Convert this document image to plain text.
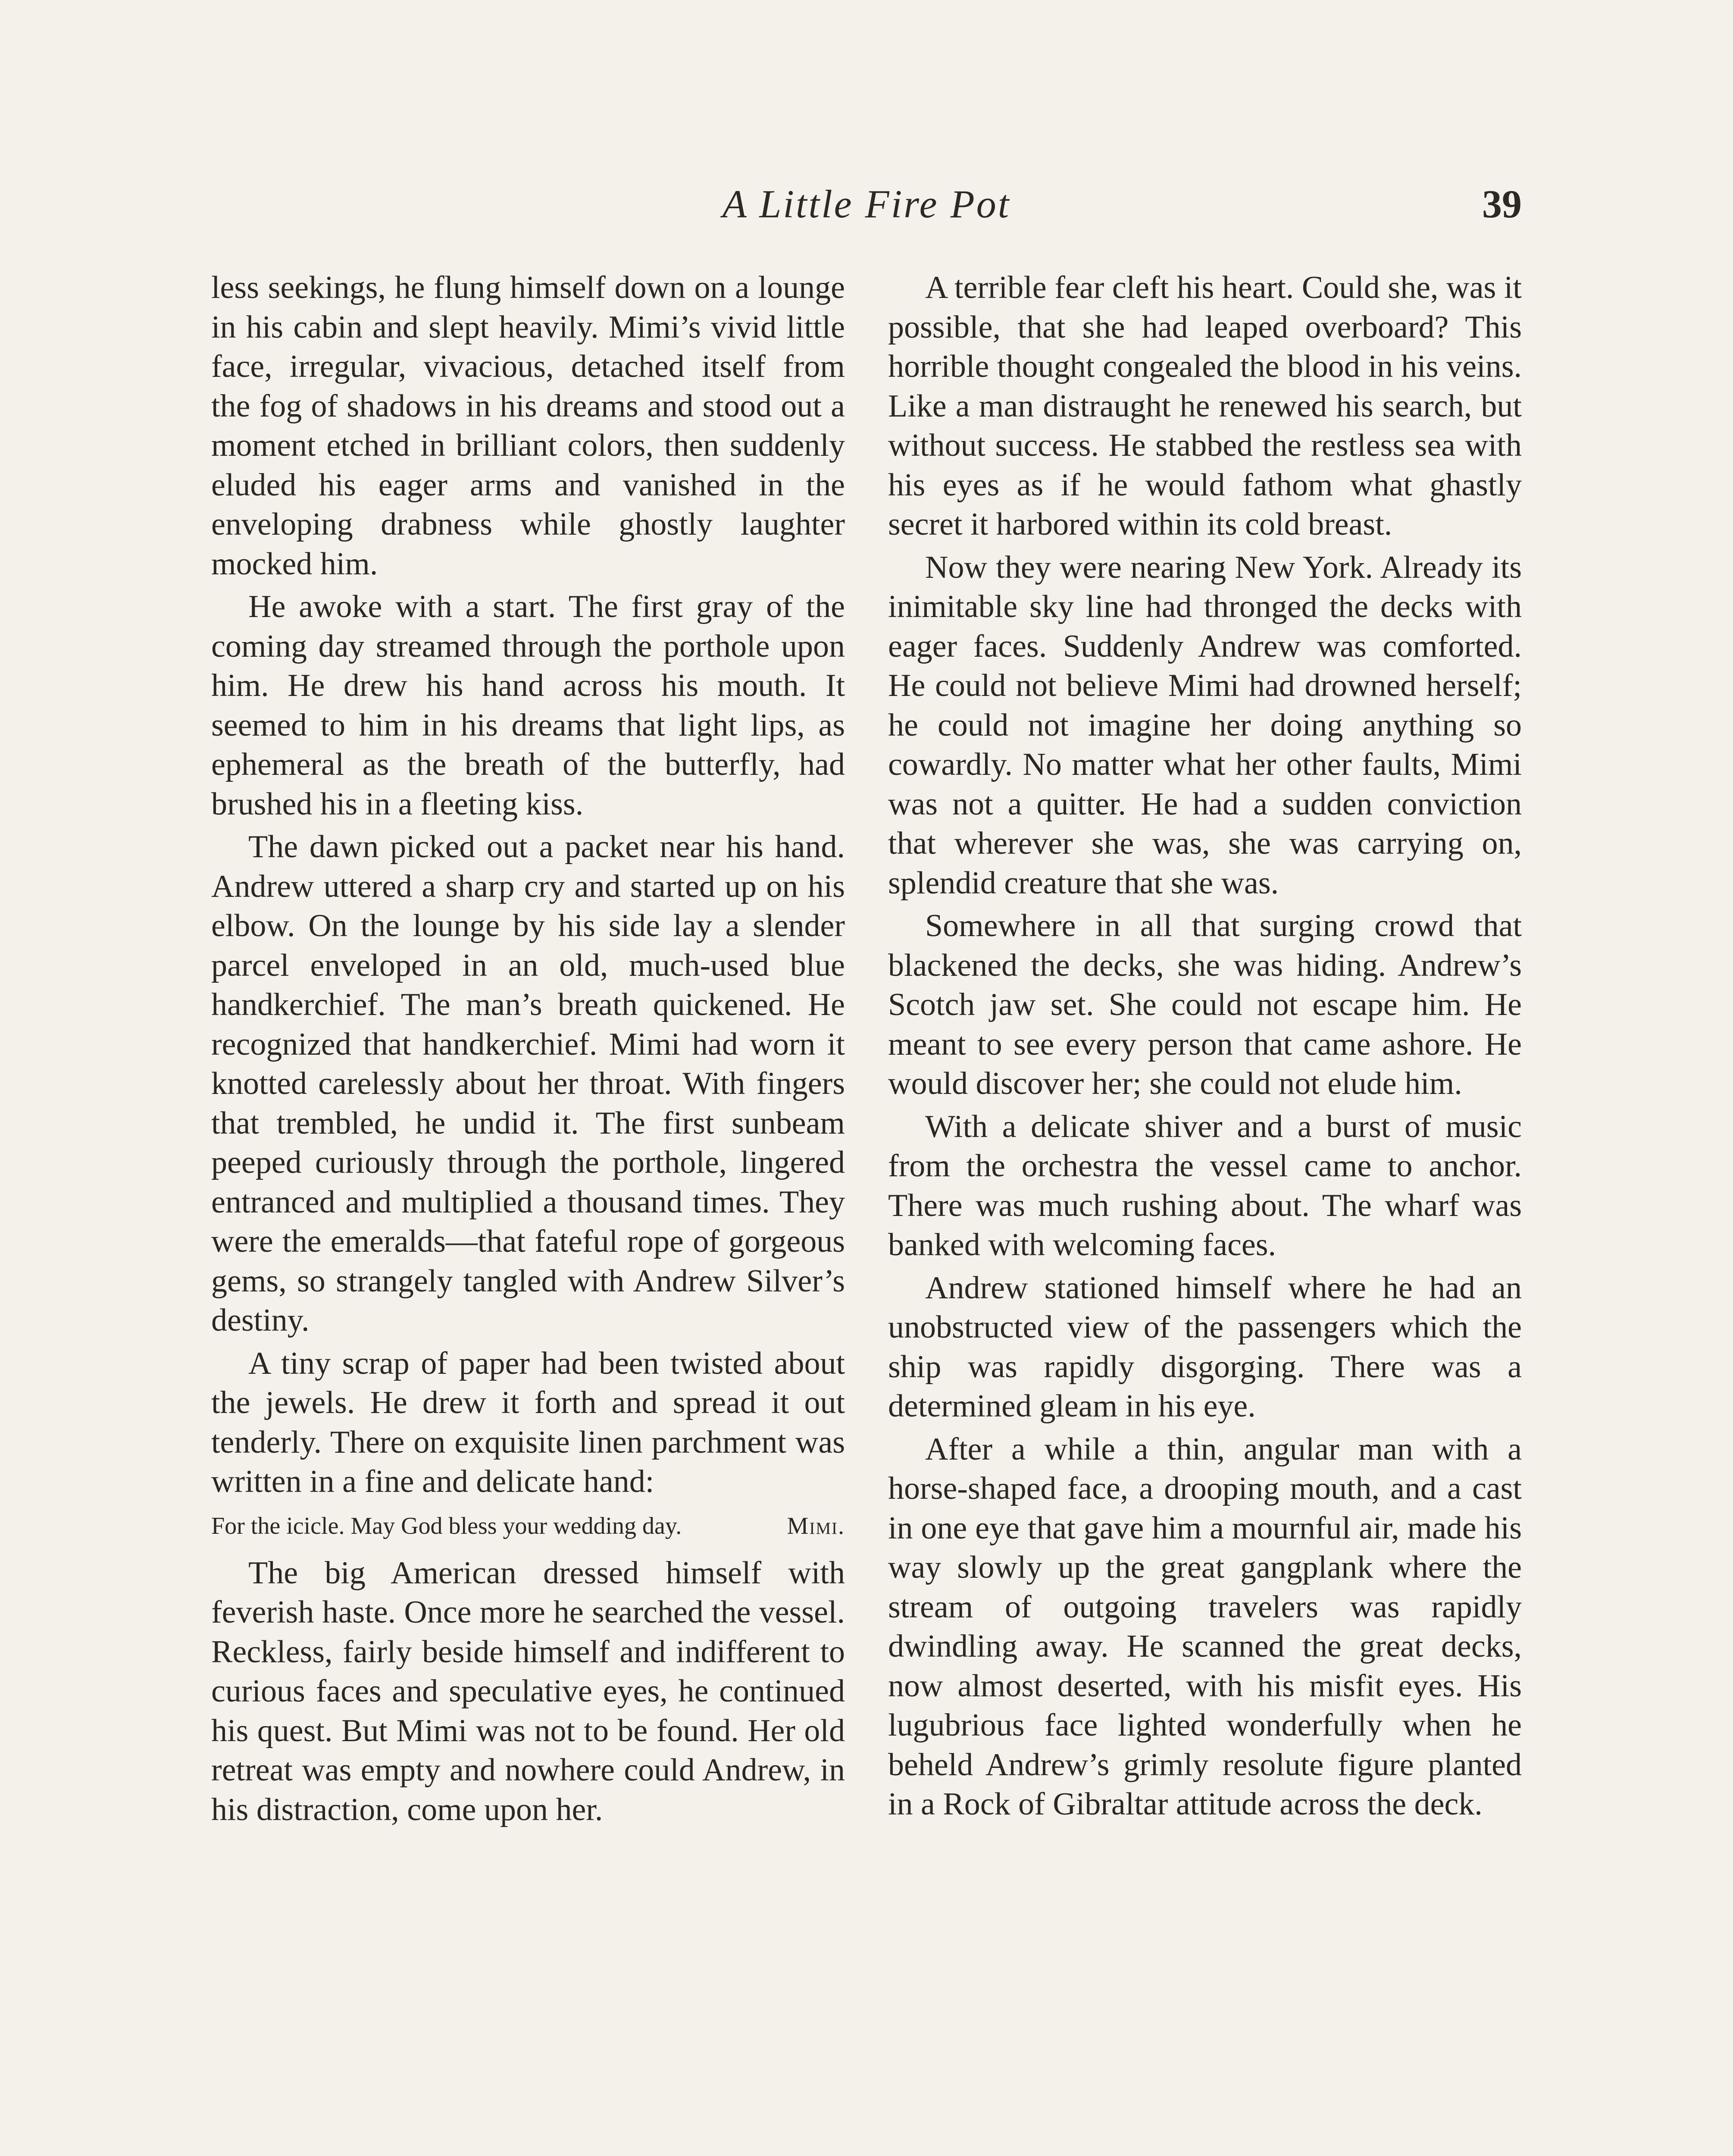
A Little Fire Pot	39

less seekings, he flung himself down on a lounge in his cabin and slept heavily. Mimi’s vivid little face, irregular, vivacious, detached itself from the fog of shadows in his dreams and stood out a moment etched in brilliant colors, then suddenly eluded his eager arms and vanished in the enveloping drabness while ghostly laughter mocked him.

He awoke with a start. The first gray of the coming day streamed through the porthole upon him. He drew his hand across his mouth. It seemed to him in his dreams that light lips, as ephemeral as the breath of the butterfly, had brushed his in a fleeting kiss.

The dawn picked out a packet near his hand. Andrew uttered a sharp cry and started up on his elbow. On the lounge by his side lay a slender parcel enveloped in an old, much-used blue handkerchief. The man’s breath quickened. He recognized that handkerchief. Mimi had worn it knotted carelessly about her throat. With fingers that trembled, he undid it. The first sunbeam peeped curiously through the porthole, lingered entranced and multiplied a thousand times. They were the emeralds—that fateful rope of gorgeous gems, so strangely tangled with Andrew Silver’s destiny.

A tiny scrap of paper had been twisted about the jewels. He drew it forth and spread it out tenderly. There on exquisite linen parchment was written in a fine and delicate hand:

For the icicle. May God bless your wedding day.	Mimi.

The big American dressed himself with feverish haste. Once more he searched the vessel. Reckless, fairly beside himself and indifferent to curious faces and speculative eyes, he continued his quest. But Mimi was not to be found. Her old retreat was empty and nowhere could Andrew, in his distraction, come upon her.

A terrible fear cleft his heart. Could she, was it possible, that she had leaped overboard? This horrible thought congealed the blood in his veins. Like a man distraught he renewed his search, but without success. He stabbed the restless sea with his eyes as if he would fathom what ghastly secret it harbored within its cold breast.

Now they were nearing New York. Already its inimitable sky line had thronged the decks with eager faces. Suddenly Andrew was comforted. He could not believe Mimi had drowned herself; he could not imagine her doing anything so cowardly. No matter what her other faults, Mimi was not a quitter. He had a sudden conviction that wherever she was, she was carrying on, splendid creature that she was.

Somewhere in all that surging crowd that blackened the decks, she was hiding. Andrew’s Scotch jaw set. She could not escape him. He meant to see every person that came ashore. He would discover her; she could not elude him.

With a delicate shiver and a burst of music from the orchestra the vessel came to anchor. There was much rushing about. The wharf was banked with welcoming faces.

Andrew stationed himself where he had an unobstructed view of the passengers which the ship was rapidly disgorging. There was a determined gleam in his eye.

After a while a thin, angular man with a horse-shaped face, a drooping mouth, and a cast in one eye that gave him a mournful air, made his way slowly up the great gangplank where the stream of outgoing travelers was rapidly dwindling away. He scanned the great decks, now almost deserted, with his misfit eyes. His lugubrious face lighted wonderfully when he beheld Andrew’s grimly resolute figure planted in a Rock of Gibraltar attitude across the deck.
